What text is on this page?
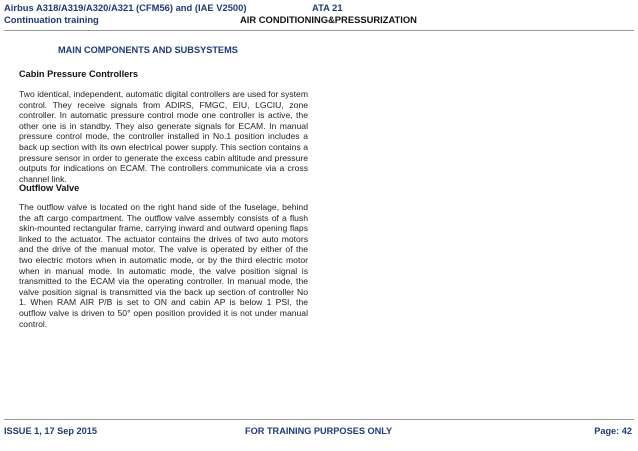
Airbus A318/A319/A320/A321 (CFM56) and (IAE V2500)
Continuation training
ATA 21
AIR CONDITIONING&PRESSURIZATION
MAIN COMPONENTS AND SUBSYSTEMS
Cabin Pressure Controllers

Two identical, independent, automatic digital controllers are used for system control. They receive signals from ADIRS, FMGC, EIU, LGCIU, zone controller. In automatic pressure control mode one controller is active, the other one is in standby. They also generate signals for ECAM. In manual pressure control mode, the controller installed in No.1 position includes a back up section with its own electrical power supply. This section contains a pressure sensor in order to generate the excess cabin altitude and pressure outputs for indications on ECAM. The controllers communicate via a cross channel link.

Outflow Valve

The outflow valve is located on the right hand side of the fuselage, behind the aft cargo compartment. The outflow valve assembly consists of a flush skin-mounted rectangular frame, carrying inward and outward opening flaps linked to the actuator. The actuator contains the drives of two auto motors and the drive of the manual motor. The valve is operated by either of the two electric motors when in automatic mode, or by the third electric motor when in manual mode. In automatic mode, the valve position signal is transmitted to the ECAM via the operating controller. In manual mode, the valve position signal is transmitted via the back up section of controller No 1. When RAM AIR P/B is set to ON and cabin AP is below 1 PSI, the outflow valve is driven to 50° open position provided it is not under manual control.

ISSUE 1, 17 Sep 2015	FOR TRAINING PURPOSES ONLY	Page: 42
